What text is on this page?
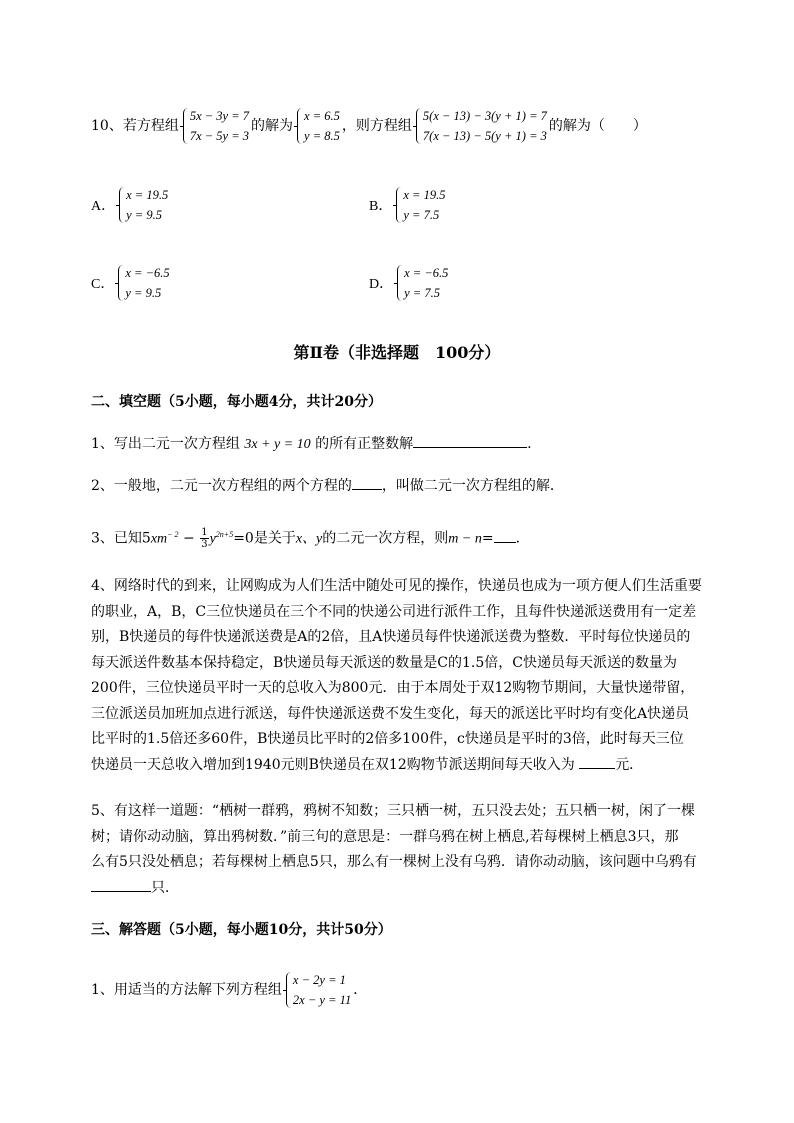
10、若方程组
5x − 3y = 7
7x − 5y = 3
的解为
x = 6.5
y = 8.5
，则方程组
5(x − 13) − 3(y + 1) = 7
7(x − 13) − 5(y + 1) = 3
的解为（　　）
A．
x = 19.5
y = 9.5
B．
x = 19.5
y = 7.5
C．
x = −6.5
y = 9.5
D．
x = −6.5
y = 7.5
第Ⅱ卷（非选择题　100分）
二、填空题（5小题，每小题4分，共计20分）
1、写出二元一次方程组 3x + y = 10 的所有正整数解	.
2、一般地，二元一次方程组的两个方程的 ，叫做二元一次方程组的解．
3、已知$5xm^{- 2} - \frac{1}{3} y^{2n+5}=0$是关于x、y的二元一次方程，则m − n= ．
4、网络时代的到来，让网购成为人们生活中随处可见的操作，快递员也成为一项方便人们生活重要
的职业，A，B，C三位快递员在三个不同的快递公司进行派件工作，且每件快递派送费用有一定差
别，B快递员的每件快递派送费是A的2倍，且A快递员每件快递派送费为整数．平时每位快递员的
每天派送件数基本保持稳定，B快递员每天派送的数量是C的1.5倍，C快递员每天派送的数量为
200件，三位快递员平时一天的总收入为800元．由于本周处于双12购物节期间，大量快递带留，
三位派送员加班加点进行派送，每件快递派送费不发生变化，每天的派送比平时均有变化A快递员
比平时的1.5倍还多60件，B快递员比平时的2倍多100件，c快递员是平时的3倍，此时每天三位
快递员一天总收入增加到1940元则B快递员在双12购物节派送期间每天收入为	元．
5、有这样一道题：“栖树一群鸦，鸦树不知数；三只栖一树，五只没去处；五只栖一树，闲了一棵
树；请你动动脑，算出鸦树数．”前三句的意思是：一群乌鸦在树上栖息,若每棵树上栖息3只，那
么有5只没处栖息；若每棵树上栖息5只，那么有一棵树上没有乌鸦．请你动动脑，该问题中乌鸦有
只．
三、解答题（5小题，每小题10分，共计50分）
1、用适当的方法解下列方程组
x − 2y = 1
2x − y = 11
．
